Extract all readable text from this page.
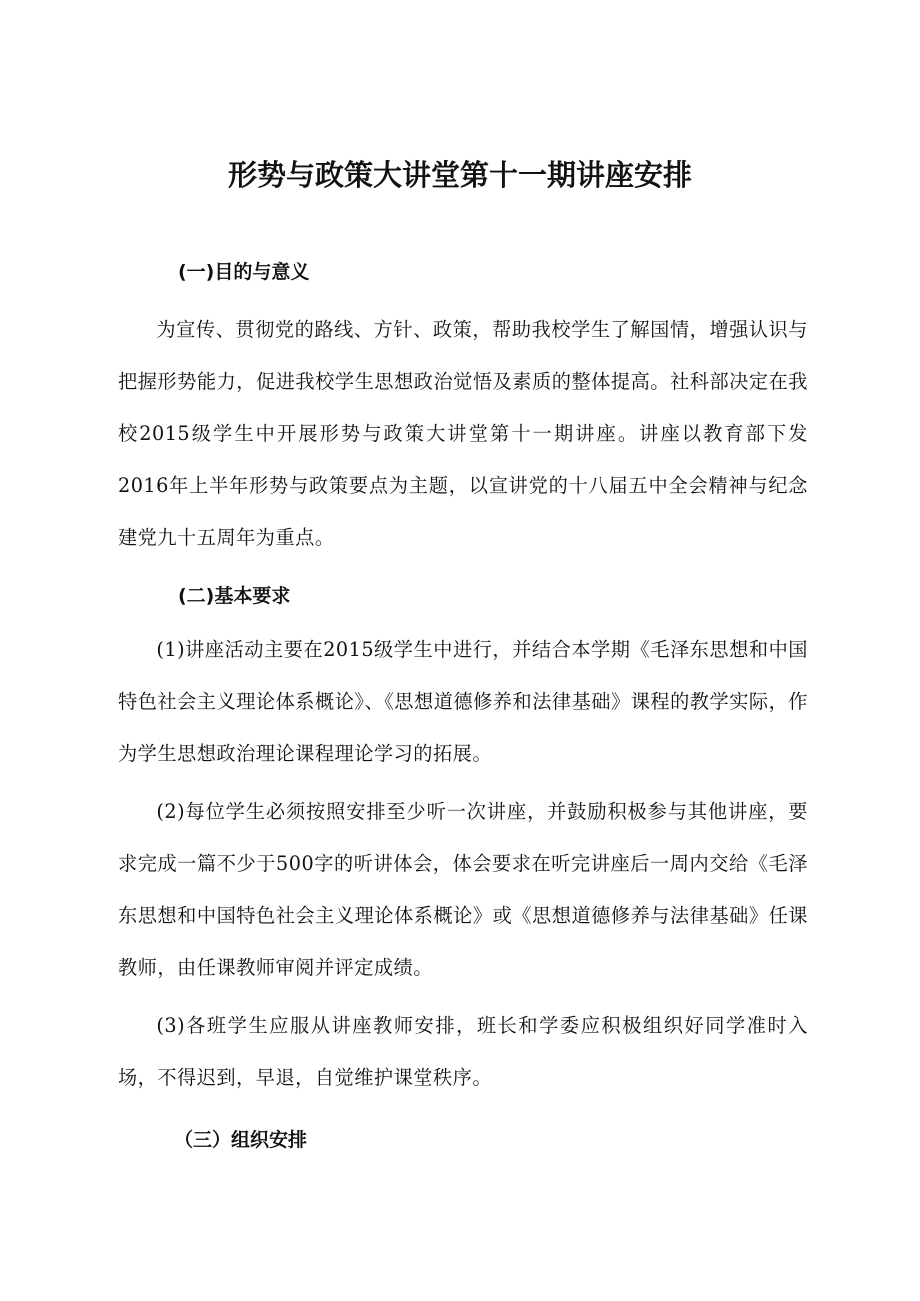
形势与政策大讲堂第十一期讲座安排
(一)目的与意义

为宣传、贯彻党的路线、方针、政策，帮助我校学生了解国情，增强认识与把握形势能力，促进我校学生思想政治觉悟及素质的整体提高。社科部决定在我校2015级学生中开展形势与政策大讲堂第十一期讲座。讲座以教育部下发2016年上半年形势与政策要点为主题，以宣讲党的十八届五中全会精神与纪念建党九十五周年为重点。

(二)基本要求

(1)讲座活动主要在2015级学生中进行，并结合本学期《毛泽东思想和中国特色社会主义理论体系概论》、《思想道德修养和法律基础》课程的教学实际，作为学生思想政治理论课程理论学习的拓展。

(2)每位学生必须按照安排至少听一次讲座，并鼓励积极参与其他讲座，要求完成一篇不少于500字的听讲体会，体会要求在听完讲座后一周内交给《毛泽东思想和中国特色社会主义理论体系概论》或《思想道德修养与法律基础》任课教师，由任课教师审阅并评定成绩。

(3)各班学生应服从讲座教师安排，班长和学委应积极组织好同学准时入场，不得迟到，早退，自觉维护课堂秩序。

（三）组织安排
